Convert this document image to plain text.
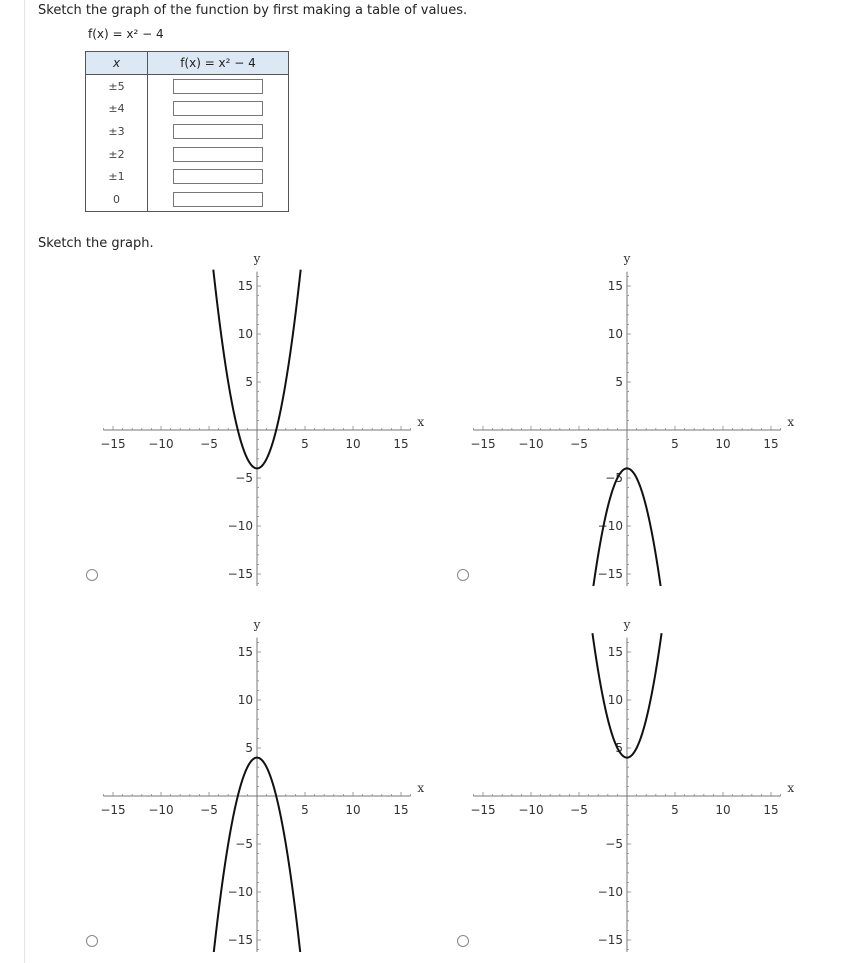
Sketch the graph of the function by first making a table of values.
f(x) = x² − 4
x	f(x) = x² − 4
±5	
±4	
±3	
±2	
±1	
0	
Sketch the graph.
−15 −10 −5	5	10	15
15
10
5
−5
−10
−15
x
y
−15 −10 −5	5	10	15
15
10
5
−5
−10
−15
x
y
−15 −10 −5	5	10	15
15
10
5
−5
−10
−15
x
y
−15 −10 −5	5	10	15
15
10
5
−5
−10
−15
x
y
